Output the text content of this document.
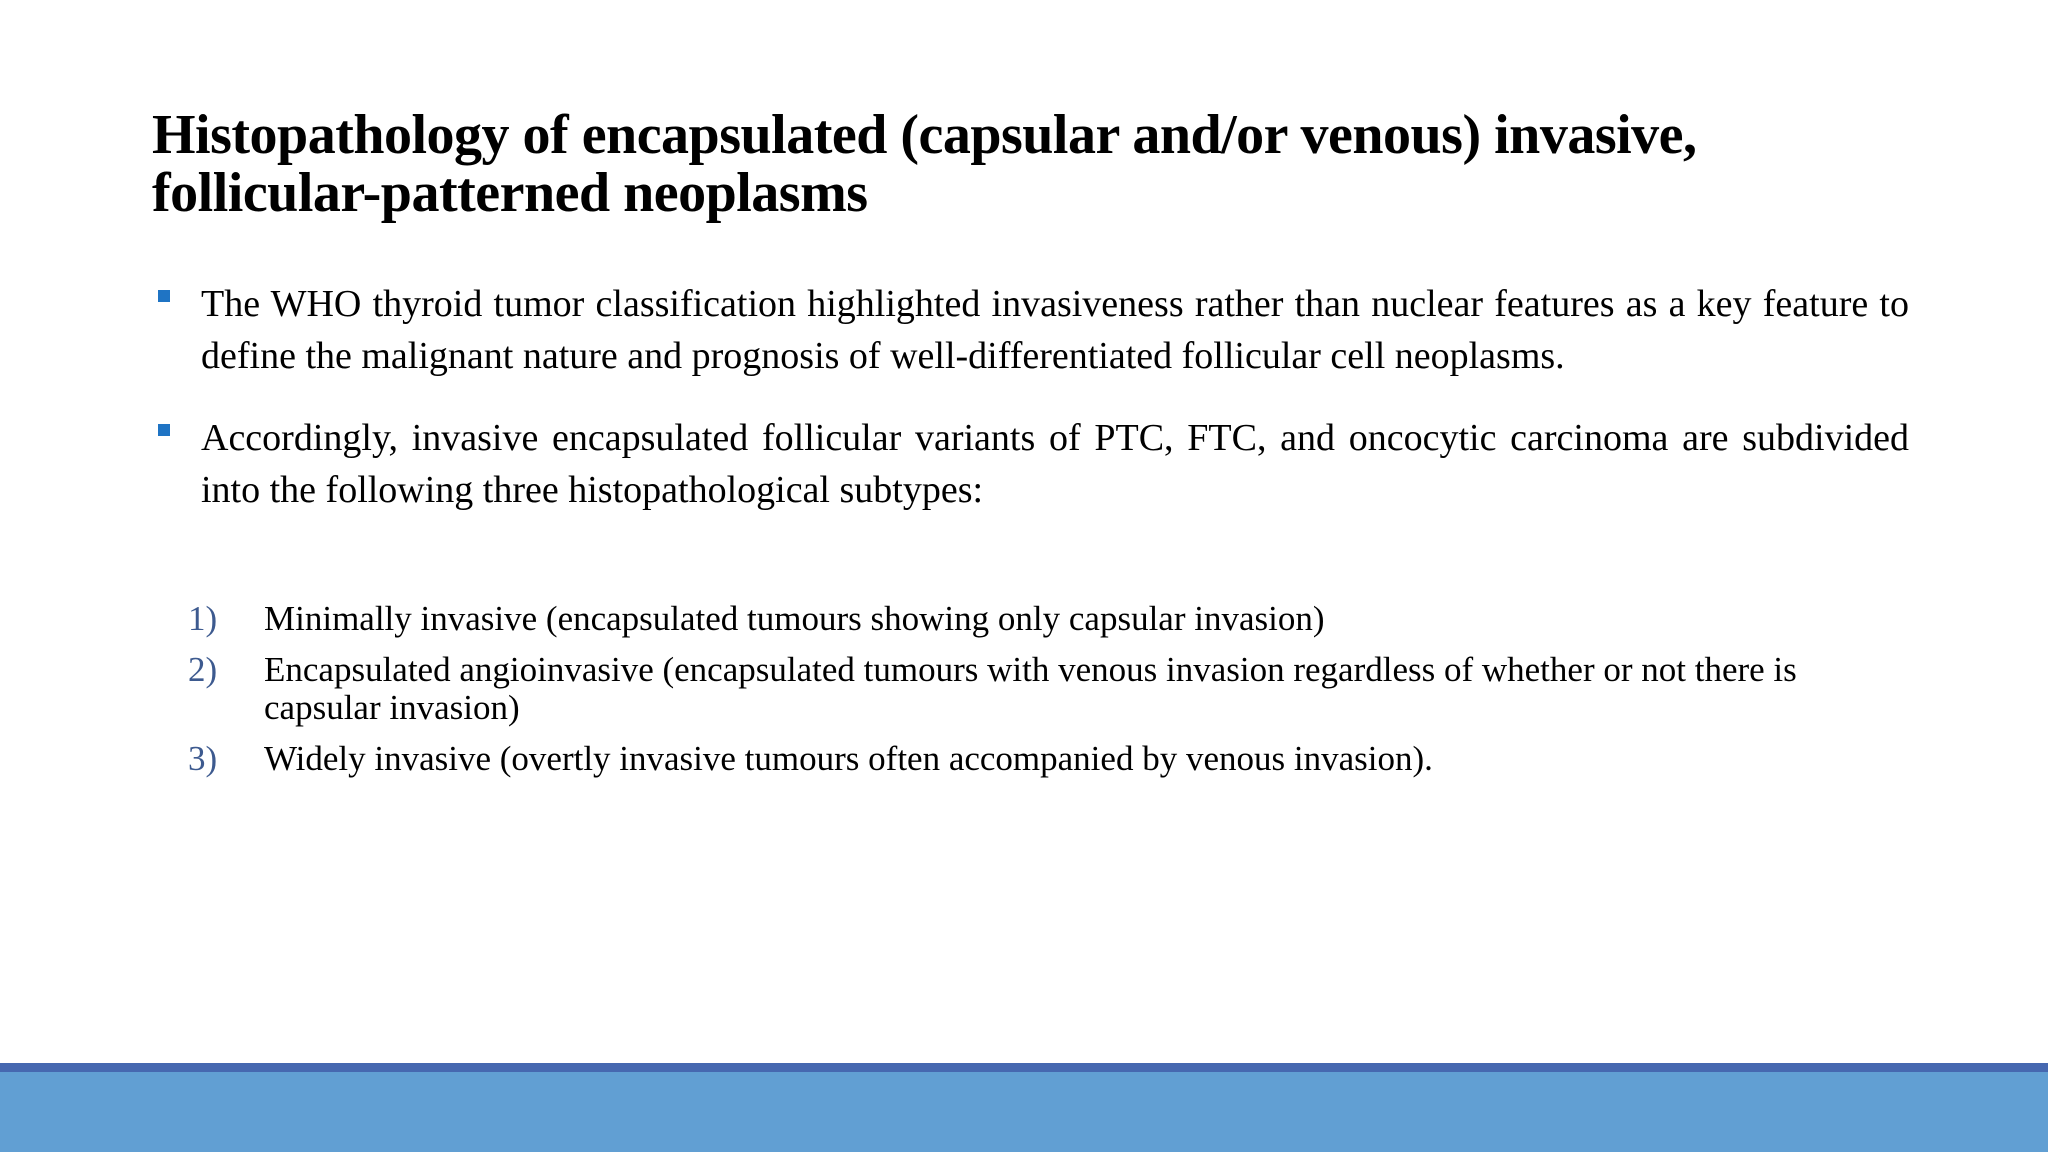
Histopathology of encapsulated (capsular and/or venous) invasive, follicular-patterned neoplasms
The WHO thyroid tumor classification highlighted invasiveness rather than nuclear features as a key feature to define the malignant nature and prognosis of well-differentiated follicular cell neoplasms.
Accordingly, invasive encapsulated follicular variants of PTC, FTC, and oncocytic carcinoma are subdivided into the following three histopathological subtypes:
1) Minimally invasive (encapsulated tumours showing only capsular invasion)
2) Encapsulated angioinvasive (encapsulated tumours with venous invasion regardless of whether or not there is capsular invasion)
3) Widely invasive (overtly invasive tumours often accompanied by venous invasion).
